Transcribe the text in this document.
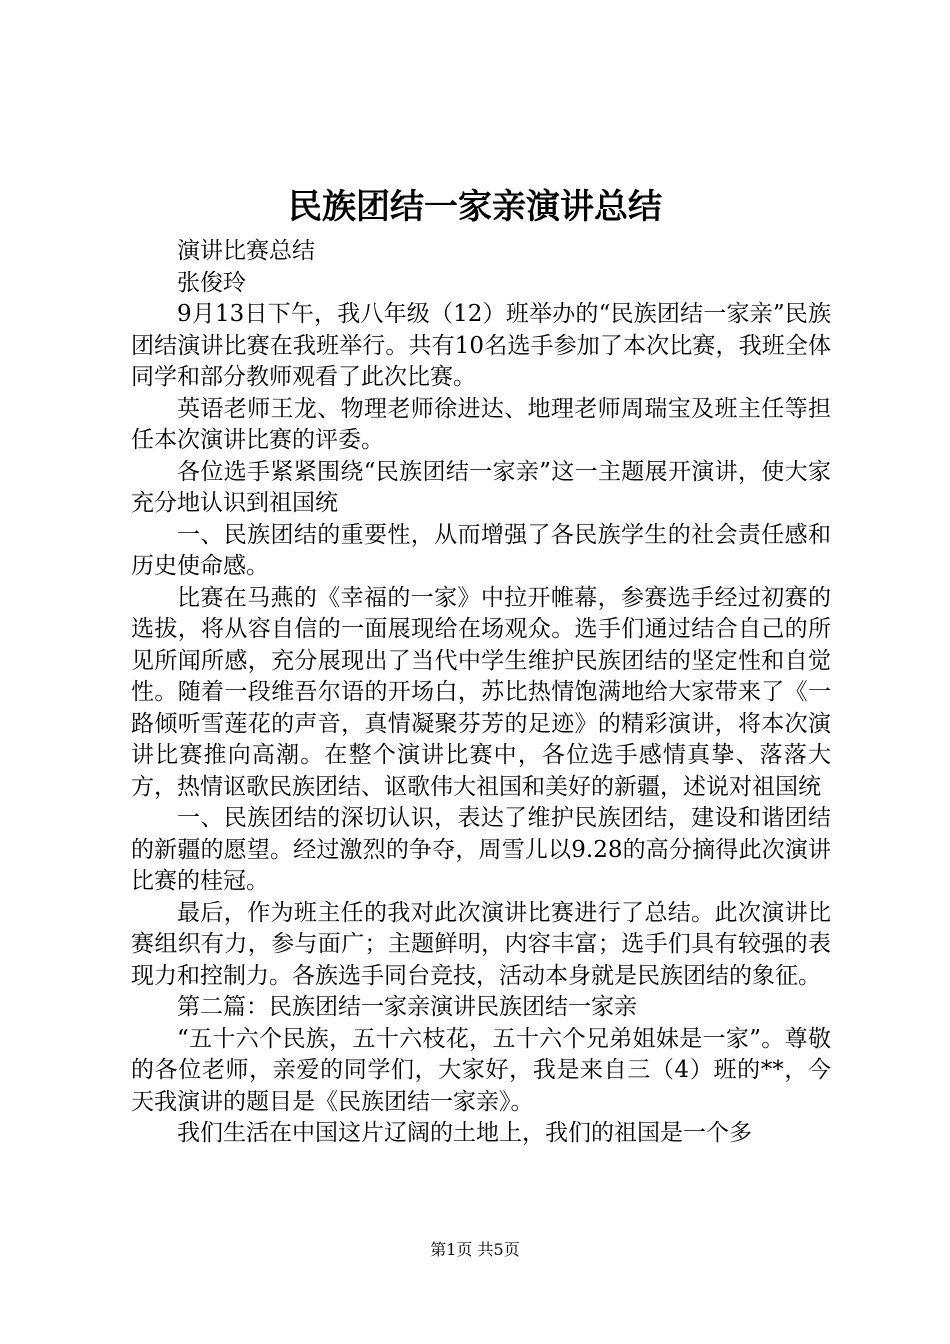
民族团结一家亲演讲总结

演讲比赛总结

张俊玲

9月13日下午，我八年级（12）班举办的“民族团结一家亲”民族团结演讲比赛在我班举行。共有10名选手参加了本次比赛，我班全体同学和部分教师观看了此次比赛。

英语老师王龙、物理老师徐进达、地理老师周瑞宝及班主任等担任本次演讲比赛的评委。

各位选手紧紧围绕“民族团结一家亲”这一主题展开演讲，使大家充分地认识到祖国统

一、民族团结的重要性，从而增强了各民族学生的社会责任感和历史使命感。

比赛在马燕的《幸福的一家》中拉开帷幕，参赛选手经过初赛的选拔，将从容自信的一面展现给在场观众。选手们通过结合自己的所见所闻所感，充分展现出了当代中学生维护民族团结的坚定性和自觉性。随着一段维吾尔语的开场白，苏比热情饱满地给大家带来了《一路倾听雪莲花的声音，真情凝聚芬芳的足迹》的精彩演讲，将本次演讲比赛推向高潮。在整个演讲比赛中，各位选手感情真挚、落落大方，热情讴歌民族团结、讴歌伟大祖国和美好的新疆，述说对祖国统

一、民族团结的深切认识，表达了维护民族团结，建设和谐团结的新疆的愿望。经过激烈的争夺，周雪儿以9.28的高分摘得此次演讲比赛的桂冠。

最后，作为班主任的我对此次演讲比赛进行了总结。此次演讲比赛组织有力，参与面广；主题鲜明，内容丰富；选手们具有较强的表现力和控制力。各族选手同台竞技，活动本身就是民族团结的象征。

第二篇：民族团结一家亲演讲民族团结一家亲

“五十六个民族，五十六枝花，五十六个兄弟姐妹是一家”。尊敬的各位老师，亲爱的同学们，大家好，我是来自三（4）班的**，今天我演讲的题目是《民族团结一家亲》。

我们生活在中国这片辽阔的土地上，我们的祖国是一个多

第1页 共5页
